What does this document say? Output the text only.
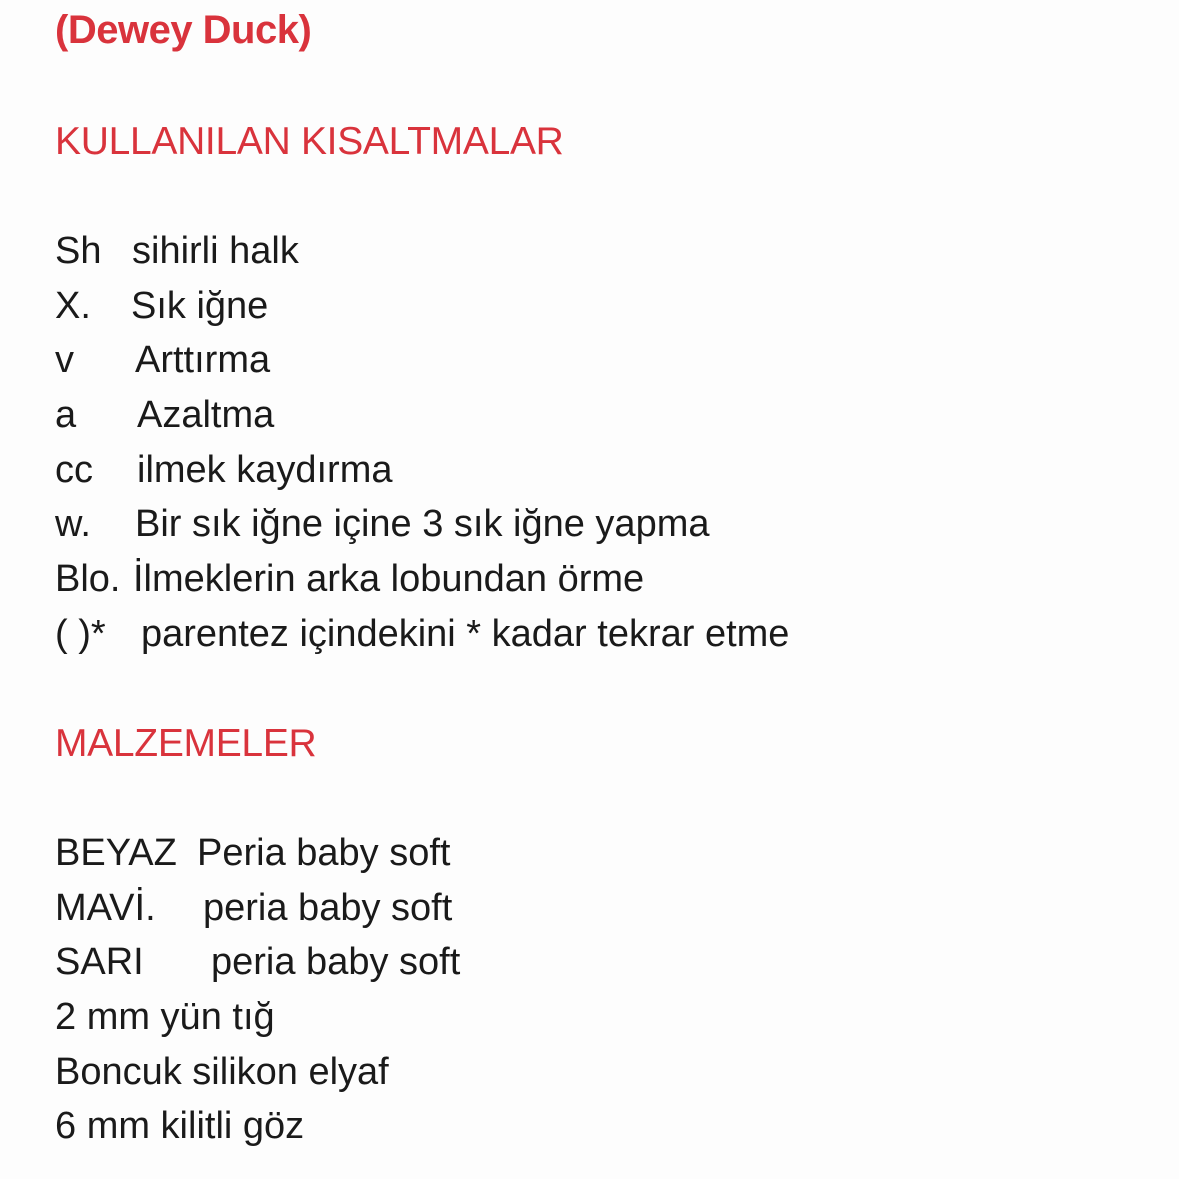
(Dewey Duck)
KULLANILAN KISALTMALAR
Sh sihirli halk
X. Sık iğne
v Arttırma
a Azaltma
cc ilmek kaydırma
w. Bir sık iğne içine 3 sık iğne yapma
Blo. İlmeklerin arka lobundan örme
( )* parentez içindekini * kadar tekrar etme
MALZEMELER
BEYAZ Peria baby soft
MAVİ. peria baby soft
SARI peria baby soft
2 mm yün tığ
Boncuk silikon elyaf
6 mm kilitli göz
